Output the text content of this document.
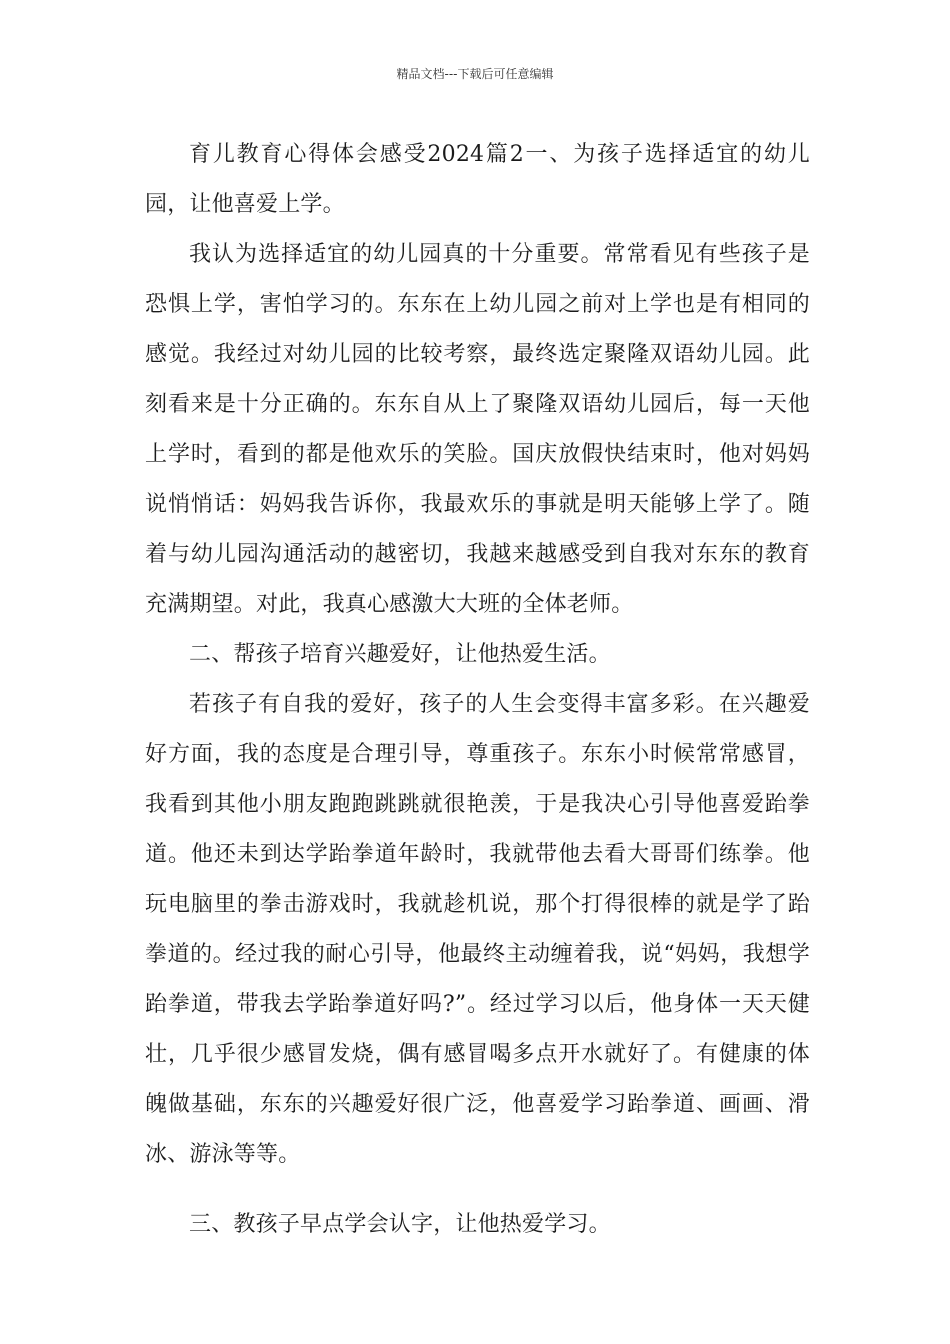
精品文档---下载后可任意编辑

育儿教育心得体会感受2024篇2一、为孩子选择适宜的幼儿园，让他喜爱上学。

我认为选择适宜的幼儿园真的十分重要。常常看见有些孩子是恐惧上学，害怕学习的。东东在上幼儿园之前对上学也是有相同的感觉。我经过对幼儿园的比较考察，最终选定聚隆双语幼儿园。此刻看来是十分正确的。东东自从上了聚隆双语幼儿园后，每一天他上学时，看到的都是他欢乐的笑脸。国庆放假快结束时，他对妈妈说悄悄话：妈妈我告诉你，我最欢乐的事就是明天能够上学了。随着与幼儿园沟通活动的越密切，我越来越感受到自我对东东的教育充满期望。对此，我真心感激大大班的全体老师。

二、帮孩子培育兴趣爱好，让他热爱生活。

若孩子有自我的爱好，孩子的人生会变得丰富多彩。在兴趣爱好方面，我的态度是合理引导，尊重孩子。东东小时候常常感冒，我看到其他小朋友跑跑跳跳就很艳羡，于是我决心引导他喜爱跆拳道。他还未到达学跆拳道年龄时，我就带他去看大哥哥们练拳。他玩电脑里的拳击游戏时，我就趁机说，那个打得很棒的就是学了跆拳道的。经过我的耐心引导，他最终主动缠着我，说“妈妈，我想学跆拳道，带我去学跆拳道好吗?”。经过学习以后，他身体一天天健壮，几乎很少感冒发烧，偶有感冒喝多点开水就好了。有健康的体魄做基础，东东的兴趣爱好很广泛，他喜爱学习跆拳道、画画、滑冰、游泳等等。

三、教孩子早点学会认字，让他热爱学习。
